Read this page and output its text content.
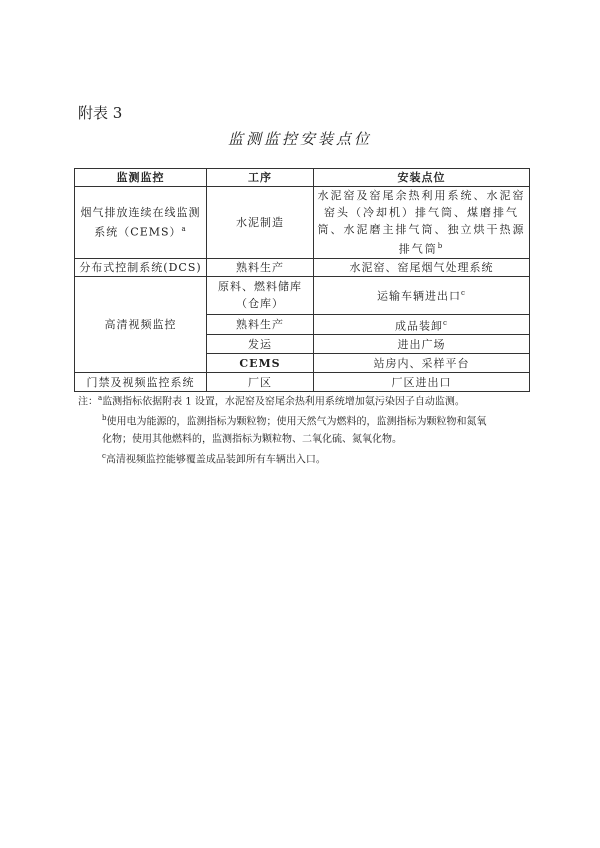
附表 3
监测监控安装点位
监测监控	工序	安装点位
烟气排放连续在线监测系统（CEMS）$^a$	水泥制造	水泥窑及窑尾余热利用系统、水泥窑窑头（冷却机）排气筒、煤磨排气筒、水泥磨主排气筒、独立烘干热源排气筒$^b$
分布式控制系统(DCS)	熟料生产	水泥窑、窑尾烟气处理系统
高清视频监控	原料、燃料储库（仓库）	运输车辆进出口$^c$
	熟料生产	成品装卸$^c$
	发运	进出广场
	CEMS	站房内、采样平台
门禁及视频监控系统	厂区	厂区进出口
注：$^a$监测指标依据附表 1 设置，水泥窑及窑尾余热利用系统增加氨污染因子自动监测。
$^b$使用电为能源的，监测指标为颗粒物；使用天然气为燃料的，监测指标为颗粒物和氮氧
化物；使用其他燃料的，监测指标为颗粒物、二氧化硫、氮氧化物。
$^c$高清视频监控能够覆盖成品装卸所有车辆出入口。
